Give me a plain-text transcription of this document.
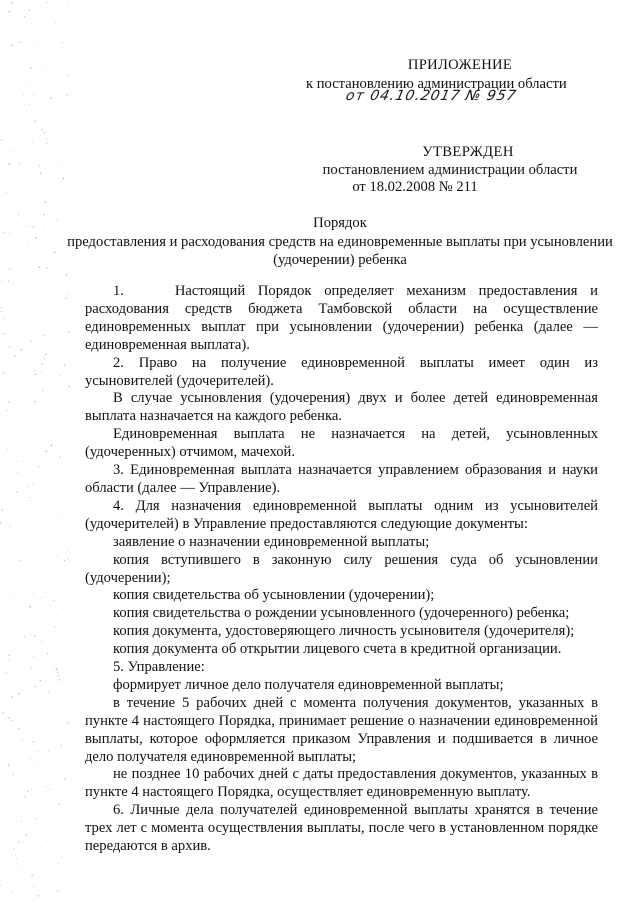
ПРИЛОЖЕНИЕ
к постановлению администрации области
от 04.10.2017 № 957
УТВЕРЖДЕН
постановлением администрации области
от 18.02.2008 № 211
Порядок
предоставления и расходования средств на единовременные выплаты при усыновлении (удочерении) ребенка

1.    Настоящий Порядок определяет механизм предоставления и расходования средств бюджета Тамбовской области на осуществление единовременных выплат при усыновлении (удочерении) ребенка (далее — единовременная выплата).

2. Право на получение единовременной выплаты имеет один из усыновителей (удочерителей).

В случае усыновления (удочерения) двух и более детей единовременная выплата назначается на каждого ребенка.

Единовременная выплата не назначается на детей, усыновленных (удочеренных) отчимом, мачехой.

3. Единовременная выплата назначается управлением образования и науки области (далее — Управление).

4. Для назначения единовременной выплаты одним из усыновителей (удочерителей) в Управление предоставляются следующие документы:

заявление о назначении единовременной выплаты;

копия вступившего в законную силу решения суда об усыновлении (удочерении);

копия свидетельства об усыновлении (удочерении);

копия свидетельства о рождении усыновленного (удочеренного) ребенка;

копия документа, удостоверяющего личность усыновителя (удочерителя);

копия документа об открытии лицевого счета в кредитной организации.

5. Управление:

формирует личное дело получателя единовременной выплаты;

в течение 5 рабочих дней с момента получения документов, указанных в пункте 4 настоящего Порядка, принимает решение о назначении единовременной выплаты, которое оформляется приказом Управления и подшивается в личное дело получателя единовременной выплаты;

не позднее 10 рабочих дней с даты предоставления документов, указанных в пункте 4 настоящего Порядка, осуществляет единовременную выплату.

6. Личные дела получателей единовременной выплаты хранятся в течение трех лет с момента осуществления выплаты, после чего в установленном порядке передаются в архив.
